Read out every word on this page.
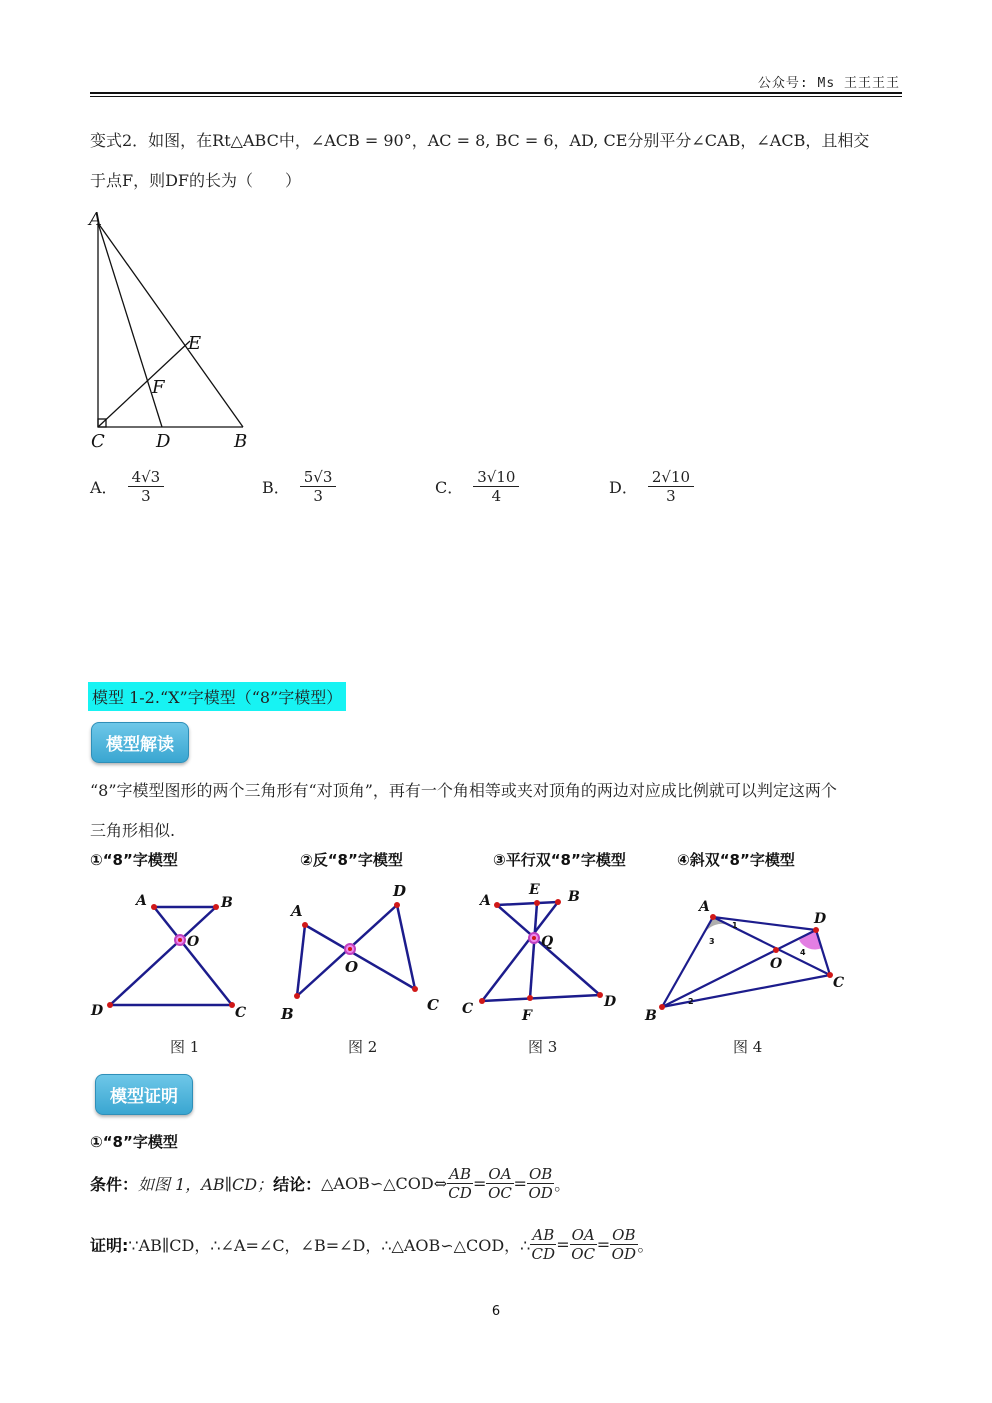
公众号: Ms 王王王王
变式2．如图，在Rt△ABC中，∠ACB = 90°，AC = 8, BC = 6，AD, CE分别平分∠CAB，∠ACB，且相交
于点F，则DF的长为（　　）
A
E
F
C	D	B
A． $\frac{4√3}{3}$	B． $\frac{5√3}{3}$	C． $\frac{3√10}{4}$	D． $\frac{2√10}{3}$
模型 1-2.“X”字模型（“8”字模型）
模型解读
“8”字模型图形的两个三角形有“对顶角”，再有一个角相等或夹对顶角的两边对应成比例就可以判定这两个
三角形相似.
①“8”字模型	②反“8”字模型	③平行双“8”字模型	④斜双“8”字模型
A	B
O
D	C
A
D
O
B	C
A
E B
Q
C	F
D
A
D
O
C
B
1
2
3
4
图 1	图 2	图 3	图 4
模型证明
①“8”字模型
条件： 如图 1，AB∥CD； 结论： △AOB∽△COD⇔ $\frac{AB}{CD} = \frac{OA}{OC} = \frac{OB}{OD}$ 。
证明: ∵AB∥CD，∴∠A=∠C，∠B=∠D，∴△AOB∽△COD，∴ $\frac{AB}{CD} = \frac{OA}{OC} = \frac{OB}{OD}$ 。
6
